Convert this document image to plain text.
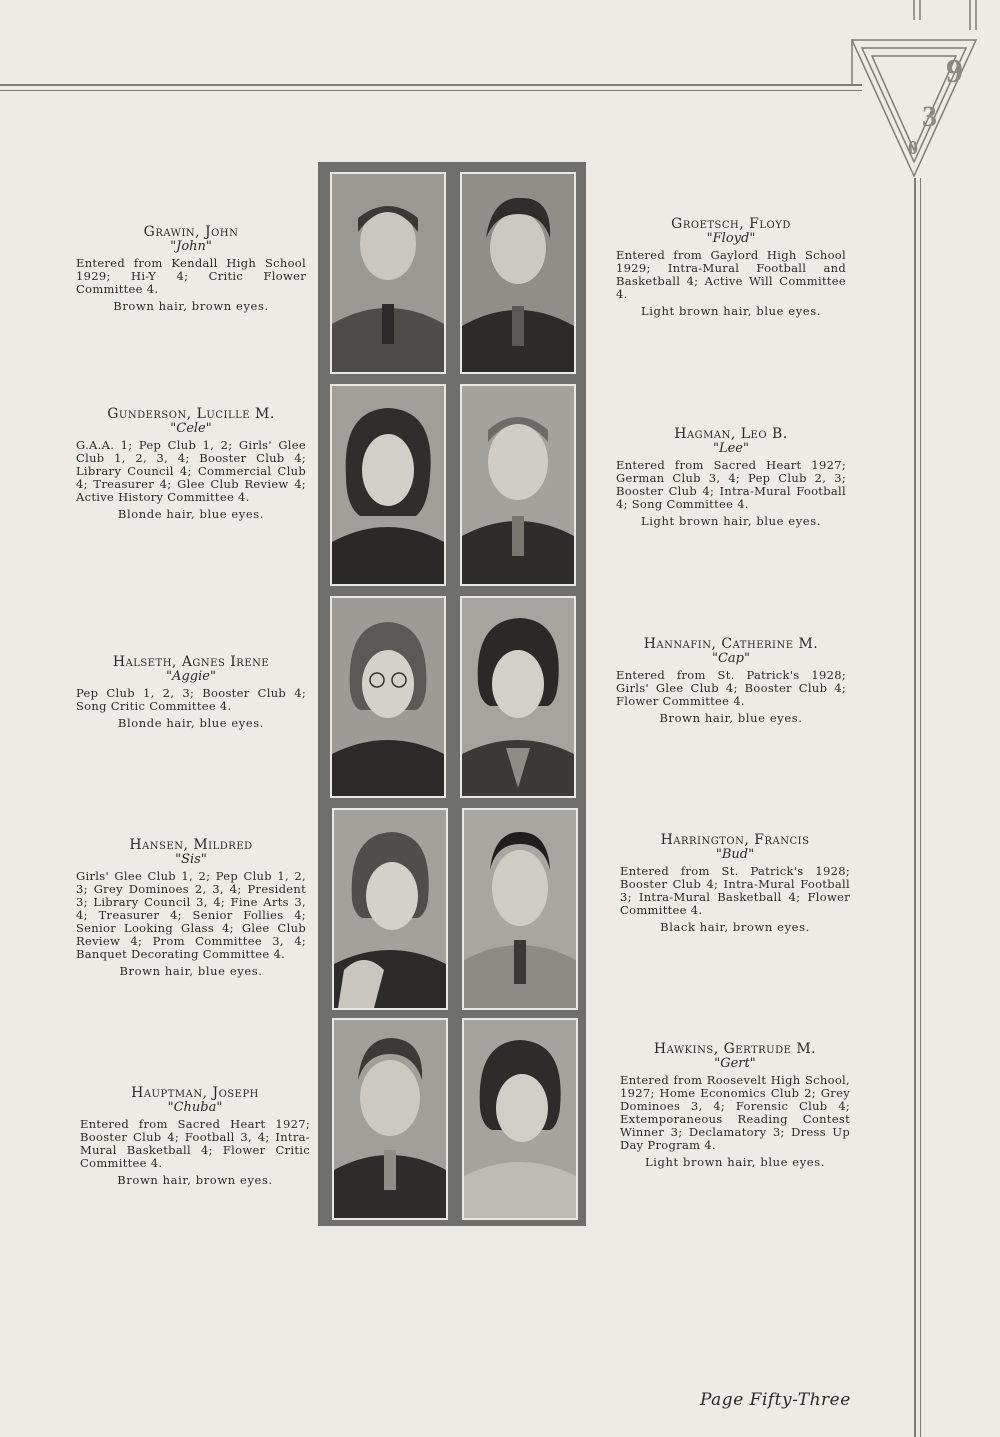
9
3
0
Grawin, John
"John"
Entered from Kendall High School 1929; Hi-Y 4; Critic Flower Committee 4.
Brown hair, brown eyes.
Gunderson, Lucille M.
"Cele"
G.A.A. 1; Pep Club 1, 2; Girls' Glee Club 1, 2, 3, 4; Booster Club 4; Library Council 4; Commercial Club 4; Treasurer 4; Glee Club Review 4; Active History Committee 4.
Blonde hair, blue eyes.
Halseth, Agnes Irene
"Aggie"
Pep Club 1, 2, 3; Booster Club 4; Song Critic Committee 4.
Blonde hair, blue eyes.
Hansen, Mildred
"Sis"
Girls' Glee Club 1, 2; Pep Club 1, 2, 3; Grey Dominoes 2, 3, 4; President 3; Library Council 3, 4; Fine Arts 3, 4; Treasurer 4; Senior Follies 4; Senior Looking Glass 4; Glee Club Review 4; Prom Committee 3, 4; Banquet Decorating Committee 4.
Brown hair, blue eyes.
Hauptman, Joseph
"Chuba"
Entered from Sacred Heart 1927; Booster Club 4; Football 3, 4; Intra-Mural Basketball 4; Flower Critic Committee 4.
Brown hair, brown eyes.
Groetsch, Floyd
"Floyd"
Entered from Gaylord High School 1929; Intra-Mural Football and Basketball 4; Active Will Committee 4.
Light brown hair, blue eyes.
Hagman, Leo B.
"Lee"
Entered from Sacred Heart 1927; German Club 3, 4; Pep Club 2, 3; Booster Club 4; Intra-Mural Football 4; Song Committee 4.
Light brown hair, blue eyes.
Hannafin, Catherine M.
"Cap"
Entered from St. Patrick's 1928; Girls' Glee Club 4; Booster Club 4; Flower Committee 4.
Brown hair, blue eyes.
Harrington, Francis
"Bud"
Entered from St. Patrick's 1928; Booster Club 4; Intra-Mural Football 3; Intra-Mural Basketball 4; Flower Committee 4.
Black hair, brown eyes.
Hawkins, Gertrude M.
"Gert"
Entered from Roosevelt High School, 1927; Home Economics Club 2; Grey Dominoes 3, 4; Forensic Club 4; Extemporaneous Reading Contest Winner 3; Declamatory 3; Dress Up Day Program 4.
Light brown hair, blue eyes.
Page Fifty-Three
